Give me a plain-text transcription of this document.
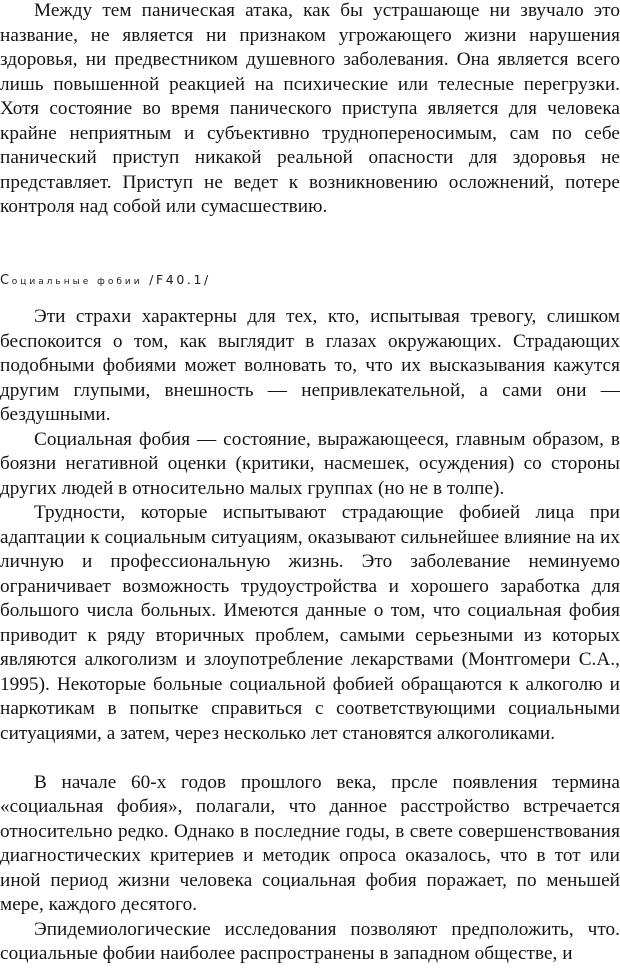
Между тем паническая атака, как бы устрашающе ни звучало это название, не является ни признаком угрожающего жизни нарушения здоровья, ни предвестником душевного заболевания. Она является всего лишь повышенной реакцией на психические или телесные перегрузки. Хотя состояние во время панического приступа является для человека крайне неприятным и субъективно труднопереносимым, сам по себе панический приступ никакой реальной опасности для здоровья не представляет. Приступ не ведет к возникновению осложнений, потере контроля над собой или сумасшествию.

Социальные фобии /F40.1/

Эти страхи характерны для тех, кто, испытывая тревогу, слишком беспокоится о том, как выглядит в глазах окружающих. Страдающих подобными фобиями может волновать то, что их высказывания кажутся другим глупыми, внешность — непривлекательной, а сами они — бездушными.

Социальная фобия — состояние, выражающееся, главным образом, в боязни негативной оценки (критики, насмешек, осуждения) со стороны других людей в относительно малых группах (но не в толпе).

Трудности, которые испытывают страдающие фобией лица при адаптации к социальным ситуациям, оказывают сильнейшее влияние на их личную и профессиональную жизнь. Это заболевание неминуемо ограничивает возможность трудоустройства и хорошего заработка для большого числа больных. Имеются данные о том, что социальная фобия приводит к ряду вторичных проблем, самыми серьезными из которых являются алкоголизм и злоупотребление лекарствами (Монтгомери С.А., 1995). Некоторые больные социальной фобией обращаются к алкоголю и наркотикам в попытке справиться с соответствующими социальными ситуациями, а затем, через несколько лет становятся алкоголиками.

В начале 60-х годов прошлого века, прсле появления термина «социальная фобия», полагали, что данное расстройство встречается относительно редко. Однако в последние годы, в свете совершенствования диагностических критериев и методик опроса оказалось, что в тот или иной период жизни человека социальная фобия поражает, по меньшей мере, каждого десятого.

Эпидемиологические исследования позволяют предположить, что. социальные фобии наиболее распространены в западном обществе, и
